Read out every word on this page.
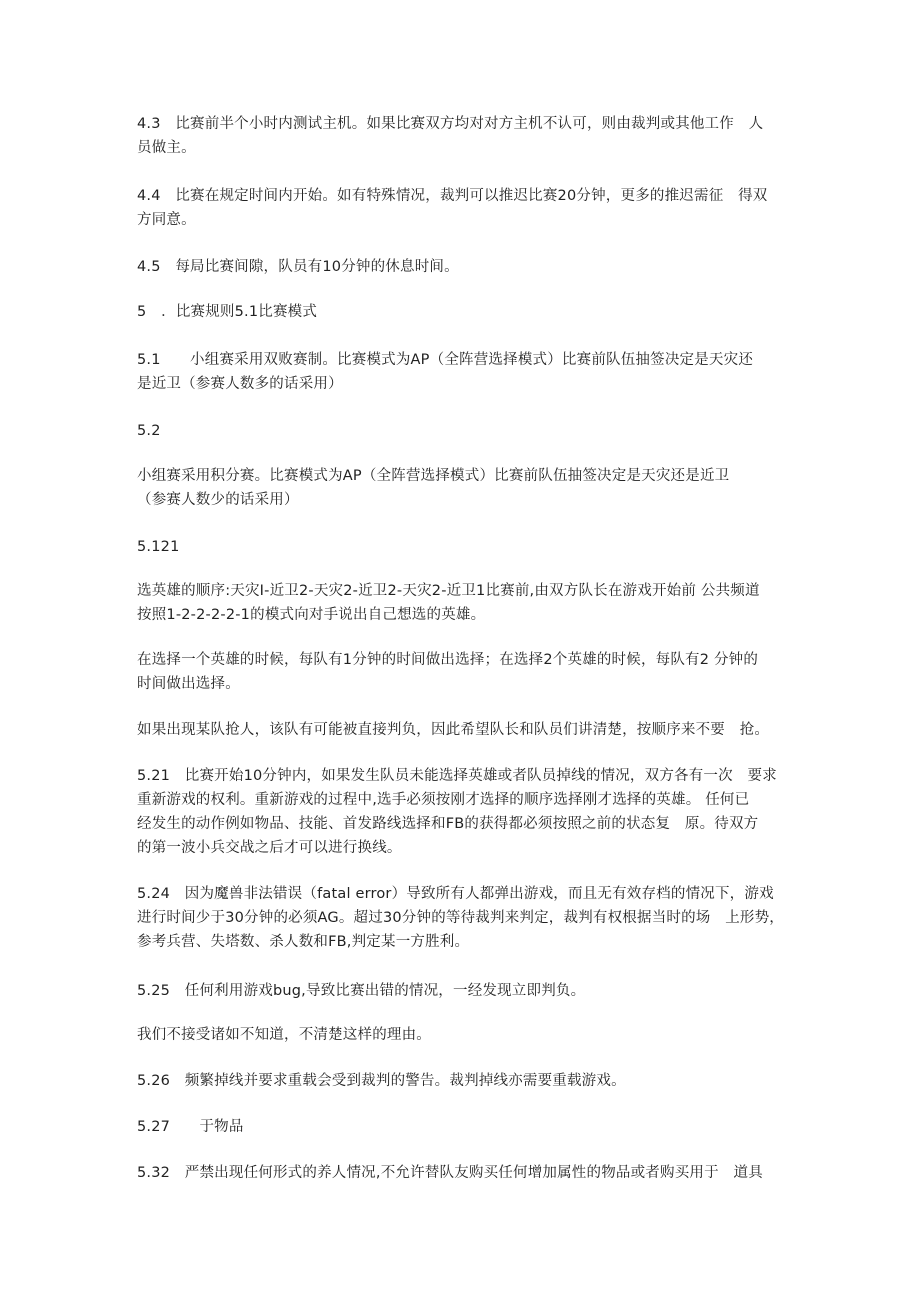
4.3　比赛前半个小时内测试主机。如果比赛双方均对对方主机不认可，则由裁判或其他工作　人
员做主。
4.4　比赛在规定时间内开始。如有特殊情况，裁判可以推迟比赛20分钟，更多的推迟需征　得双
方同意。
4.5　每局比赛间隙，队员有10分钟的休息时间。
5　．比赛规则5.1比赛模式
5.1　　小组赛采用双败赛制。比赛模式为AP（全阵营选择模式）比赛前队伍抽签决定是天灾还
是近卫（参赛人数多的话采用）
5.2
小组赛采用积分赛。比赛模式为AP（全阵营选择模式）比赛前队伍抽签决定是天灾还是近卫
（参赛人数少的话采用）
5.121
选英雄的顺序:天灾I-近卫2-天灾2-近卫2-天灾2-近卫1比赛前,由双方队长在游戏开始前 公共频道
按照1-2-2-2-2-1的模式向对手说出自己想选的英雄。
在选择一个英雄的时候，每队有1分钟的时间做出选择；在选择2个英雄的时候，每队有2 分钟的
时间做出选择。
如果出现某队抢人，该队有可能被直接判负，因此希望队长和队员们讲清楚，按顺序来不要　抢。
5.21　比赛开始10分钟内，如果发生队员未能选择英雄或者队员掉线的情况，双方各有一次　要求
重新游戏的权利。重新游戏的过程中,选手必须按刚才选择的顺序选择刚才选择的英雄。 任何已
经发生的动作例如物品、技能、首发路线选择和FB的获得都必须按照之前的状态复　原。待双方
的第一波小兵交战之后才可以进行换线。
5.24　因为魔兽非法错误（fatal error）导致所有人都弹出游戏，而且无有效存档的情况下，游戏
进行时间少于30分钟的必须AG。超过30分钟的等待裁判来判定，裁判有权根据当时的场　上形势，
参考兵营、失塔数、杀人数和FB,判定某一方胜利。
5.25　任何利用游戏bug,导致比赛出错的情况，一经发现立即判负。
我们不接受诸如不知道，不清楚这样的理由。
5.26　频繁掉线并要求重载会受到裁判的警告。裁判掉线亦需要重载游戏。
5.27　　于物品
5.32　严禁出现任何形式的养人情况,不允许替队友购买任何增加属性的物品或者购买用于　道具
